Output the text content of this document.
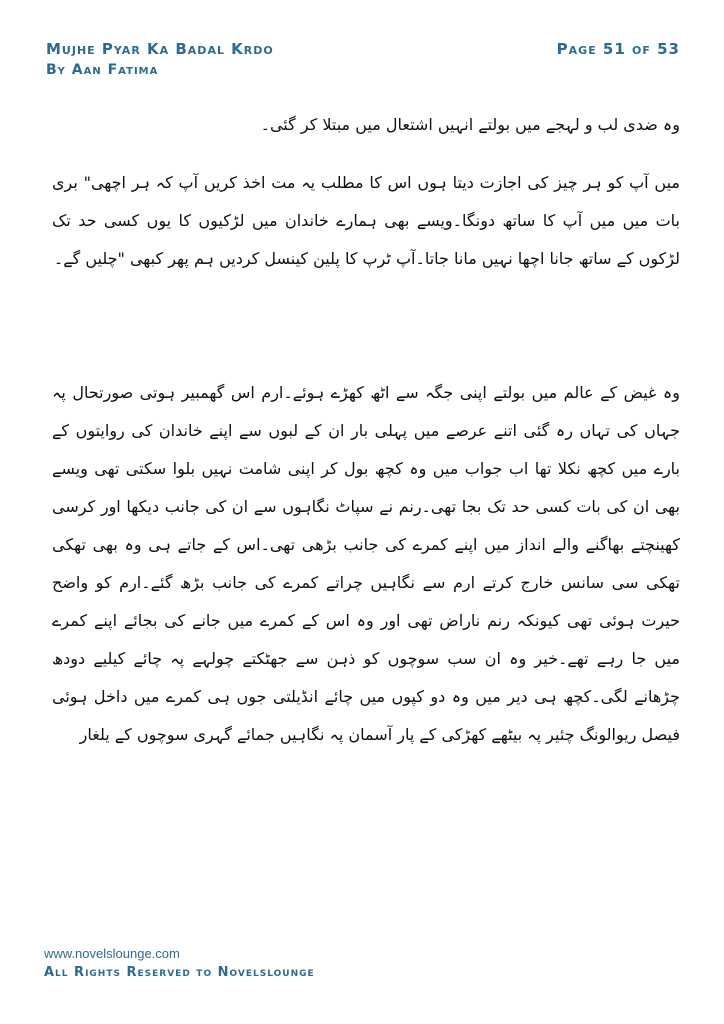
Mujhe Pyar Ka Badal Krdo
By Aan Fatima
Page 51 of 53

وہ ضدی لب و لہجے میں بولتے انہیں اشتعال میں مبتلا کر گئی۔

میں آپ کو ہر چیز کی اجازت دیتا ہوں اس کا مطلب یہ مت اخذ کریں آپ کہ ہر اچھی" بری بات میں میں آپ کا ساتھ دونگا۔ویسے بھی ہمارے خاندان میں لڑکیوں کا یوں کسی حد تک لڑکوں کے ساتھ جانا اچھا نہیں مانا جاتا۔آپ ٹرپ کا پلین کینسل کردیں ہم پھر کبھی "چلیں گے۔

وہ غیض کے عالم میں بولتے اپنی جگہ سے اٹھ کھڑے ہوئے۔ارم اس گھمبیر ہوتی صورتحال پہ جہاں کی تہاں رہ گئی اتنے عرصے میں پہلی بار ان کے لبوں سے اپنے خاندان کی روایتوں کے بارے میں کچھ نکلا تھا اب جواب میں وہ کچھ بول کر اپنی شامت نہیں بلوا سکتی تھی ویسے بھی ان کی بات کسی حد تک بجا تھی۔رنم نے سپاٹ نگاہوں سے ان کی جانب دیکھا اور کرسی کھینچتے بھاگنے والے انداز میں اپنے کمرے کی جانب بڑھی تھی۔اس کے جاتے ہی وہ بھی تھکی تھکی سی سانس خارج کرتے ارم سے نگاہیں چراتے کمرے کی جانب بڑھ گئے۔ارم کو واضح حیرت ہوئی تھی کیونکہ رنم ناراض تھی اور وہ اس کے کمرے میں جانے کی بجائے اپنے کمرے میں جا رہے تھے۔خیر وہ ان سب سوچوں کو ذہن سے جھٹکتے چولہے پہ چائے کیلیے دودھ چڑھانے لگی۔کچھ ہی دیر میں وہ دو کپوں میں چائے انڈیلتی جوں ہی کمرے میں داخل ہوئی فیصل ریوالونگ چئیر پہ بیٹھے کھڑکی کے پار آسمان پہ نگاہیں جمائے گہری سوچوں کے یلغار

www.novelslounge.com
All Rights Reserved to Novelslounge
